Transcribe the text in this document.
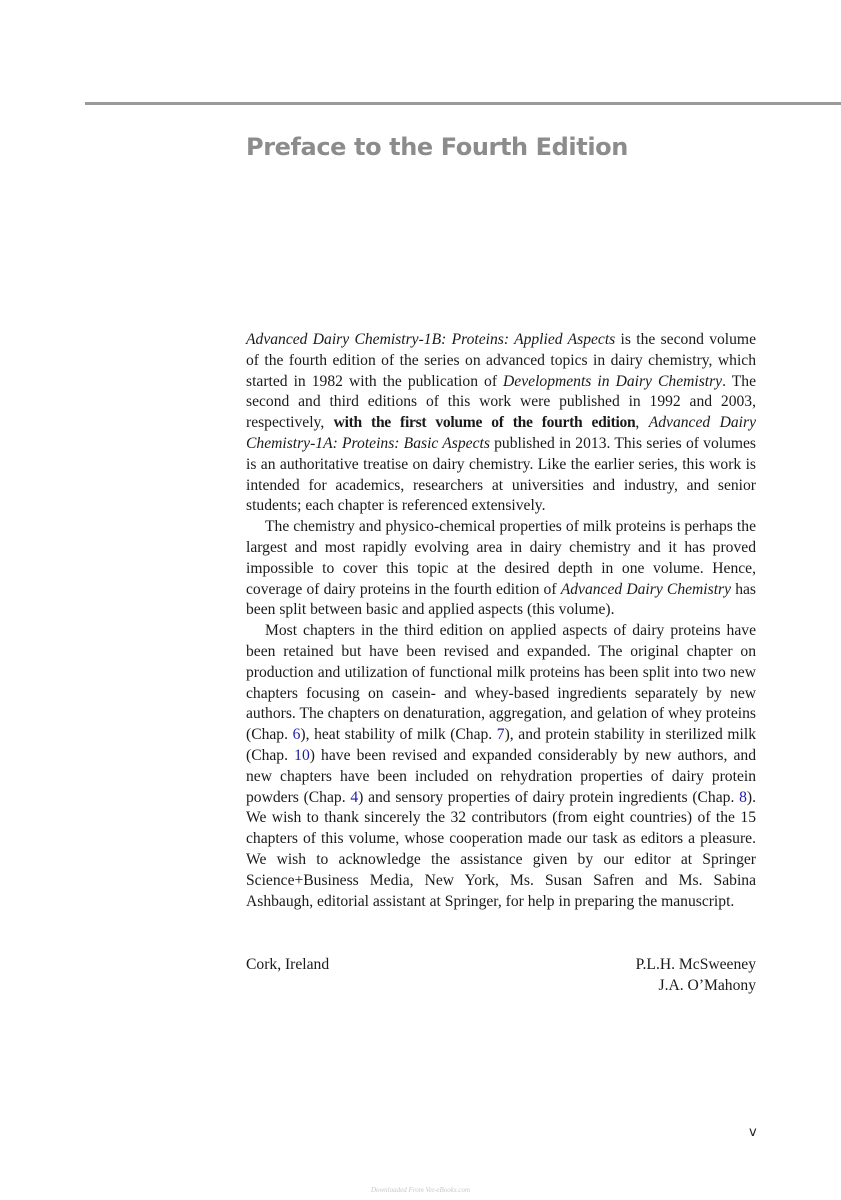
Preface to the Fourth Edition

Advanced Dairy Chemistry-1B: Proteins: Applied Aspects is the second volume of the fourth edition of the series on advanced topics in dairy chemistry, which started in 1982 with the publication of Developments in Dairy Chemistry. The second and third editions of this work were published in 1992 and 2003, respectively, with the first volume of the fourth edition, Advanced Dairy Chemistry-1A: Proteins: Basic Aspects published in 2013. This series of volumes is an authoritative treatise on dairy chemistry. Like the earlier series, this work is intended for academics, researchers at universities and industry, and senior students; each chapter is referenced extensively.

The chemistry and physico-chemical properties of milk proteins is perhaps the largest and most rapidly evolving area in dairy chemistry and it has proved impossible to cover this topic at the desired depth in one volume. Hence, coverage of dairy proteins in the fourth edition of Advanced Dairy Chemistry has been split between basic and applied aspects (this volume).

Most chapters in the third edition on applied aspects of dairy proteins have been retained but have been revised and expanded. The original chapter on production and utilization of functional milk proteins has been split into two new chapters focusing on casein- and whey-based ingredients separately by new authors. The chapters on denaturation, aggregation, and gelation of whey proteins (Chap. 6), heat stability of milk (Chap. 7), and protein stability in sterilized milk (Chap. 10) have been revised and expanded considerably by new authors, and new chapters have been included on rehydration properties of dairy protein powders (Chap. 4) and sensory properties of dairy protein ingredients (Chap. 8). We wish to thank sincerely the 32 contributors (from eight countries) of the 15 chapters of this volume, whose cooperation made our task as editors a pleasure. We wish to acknowledge the assistance given by our editor at Springer Science+Business Media, New York, Ms. Susan Safren and Ms. Sabina Ashbaugh, editorial assistant at Springer, for help in preparing the manuscript.

Cork, Ireland	P.L.H. McSweeney
J.A. O’Mahony
v
Downloaded From Vet-eBooks.com
